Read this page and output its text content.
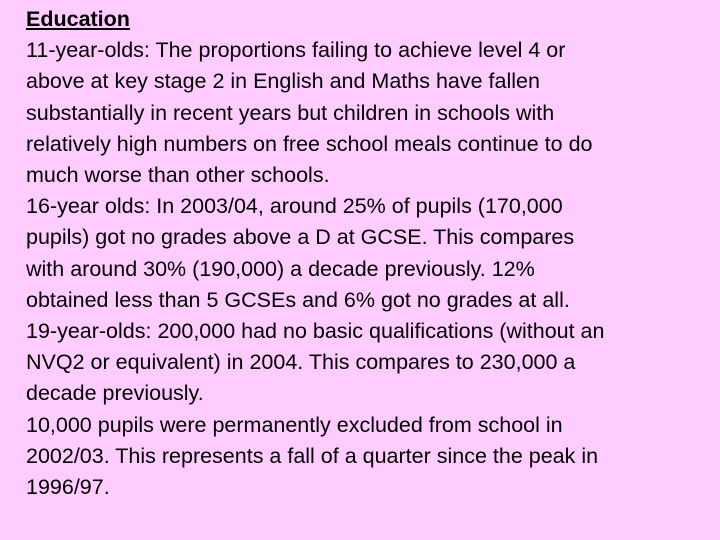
Education
11-year-olds: The proportions failing to achieve level 4 or
above at key stage 2 in English and Maths have fallen
substantially in recent years but children in schools with
relatively high numbers on free school meals continue to do
much worse than other schools.
16-year olds: In 2003/04, around 25% of pupils (170,000
pupils) got no grades above a D at GCSE. This compares
with around 30% (190,000) a decade previously. 12%
obtained less than 5 GCSEs and 6% got no grades at all.
19-year-olds: 200,000 had no basic qualifications (without an
NVQ2 or equivalent) in 2004. This compares to 230,000 a
decade previously.
10,000 pupils were permanently excluded from school in
2002/03. This represents a fall of a quarter since the peak in
1996/97.
